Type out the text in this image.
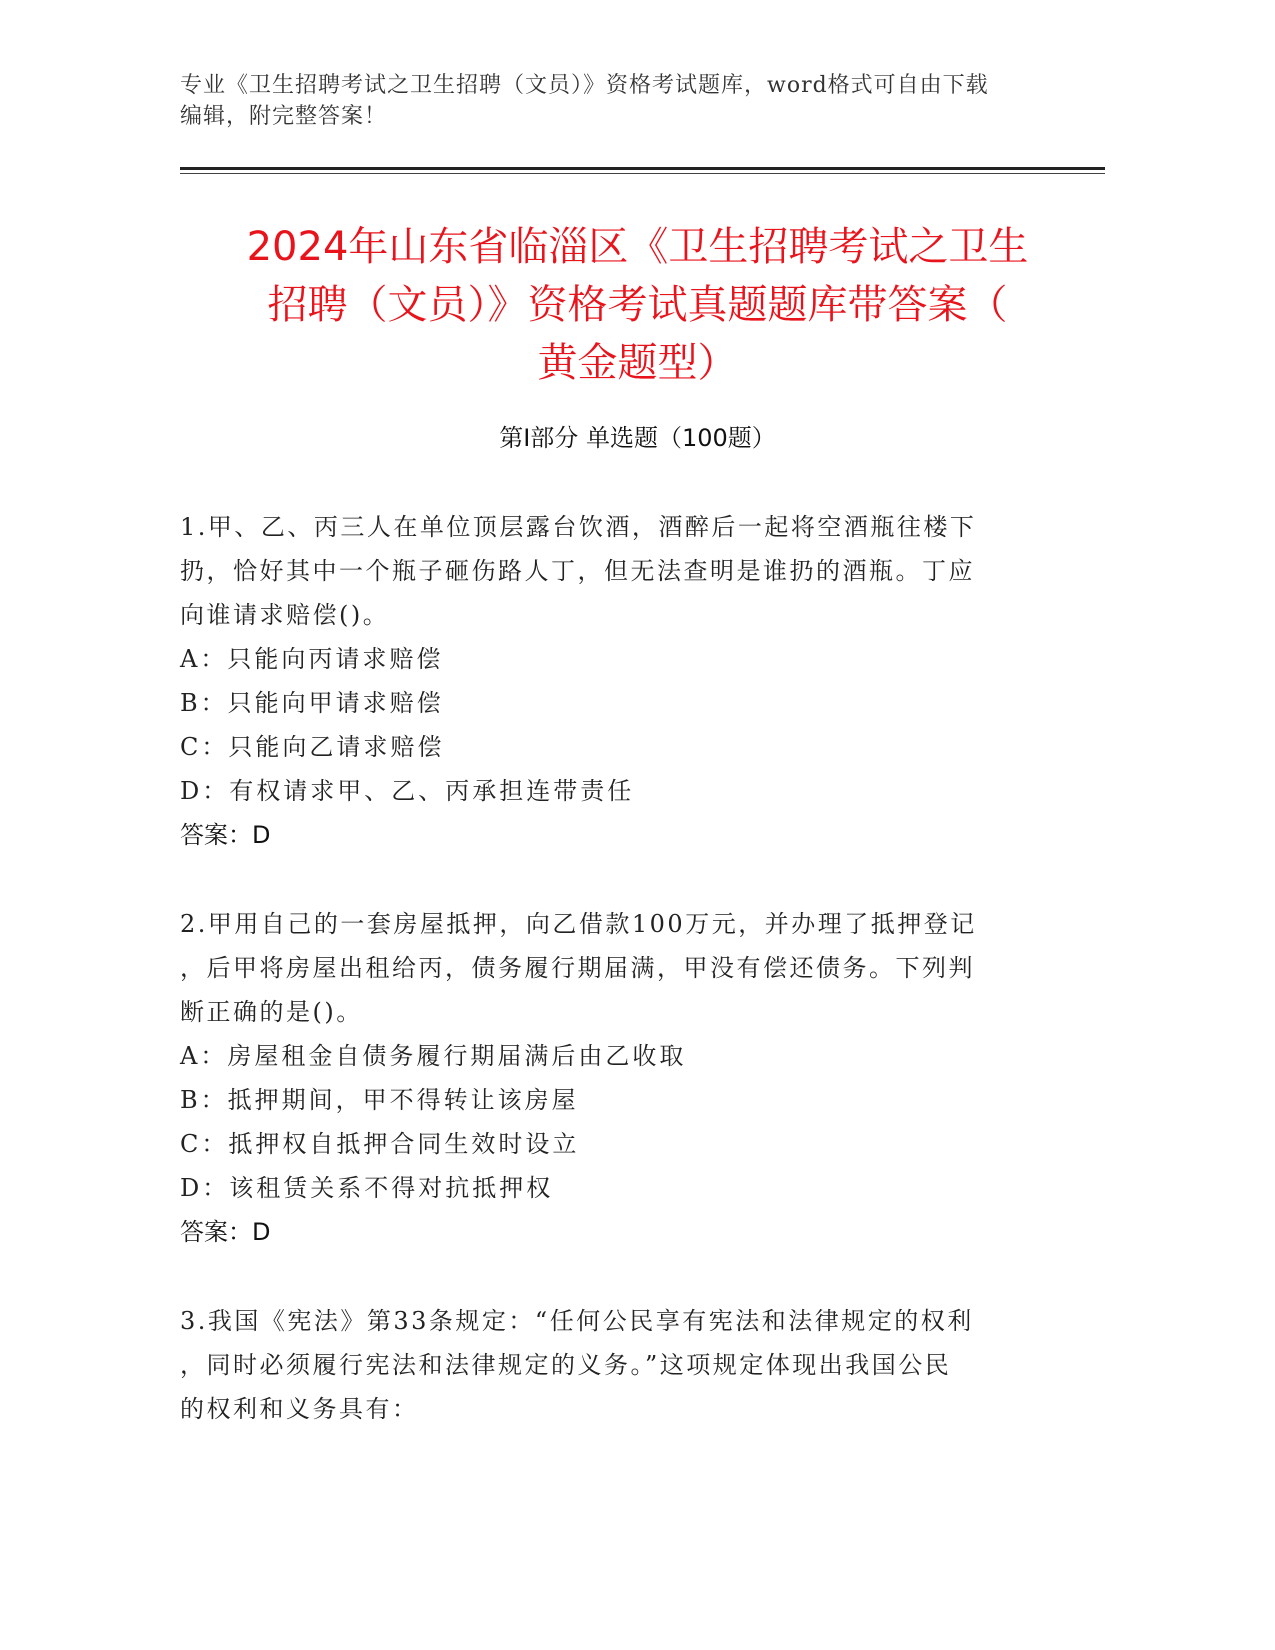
专业《卫生招聘考试之卫生招聘（文员）》资格考试题库，word格式可自由下载

编辑，附完整答案！

2024年山东省临淄区《卫生招聘考试之卫生
招聘（文员）》资格考试真题题库带答案（
黄金题型）
第Ⅰ部分 单选题（100题）
1.甲、乙、丙三人在单位顶层露台饮酒，酒醉后一起将空酒瓶往楼下
扔，恰好其中一个瓶子砸伤路人丁，但无法查明是谁扔的酒瓶。丁应
向谁请求赔偿()。
A：只能向丙请求赔偿
B：只能向甲请求赔偿
C：只能向乙请求赔偿
D：有权请求甲、乙、丙承担连带责任
答案：D
2.甲用自己的一套房屋抵押，向乙借款100万元，并办理了抵押登记
，后甲将房屋出租给丙，债务履行期届满，甲没有偿还债务。下列判
断正确的是()。
A：房屋租金自债务履行期届满后由乙收取
B：抵押期间，甲不得转让该房屋
C：抵押权自抵押合同生效时设立
D：该租赁关系不得对抗抵押权
答案：D
3.我国《宪法》第33条规定：“任何公民享有宪法和法律规定的权利
，同时必须履行宪法和法律规定的义务。”这项规定体现出我国公民
的权利和义务具有：
